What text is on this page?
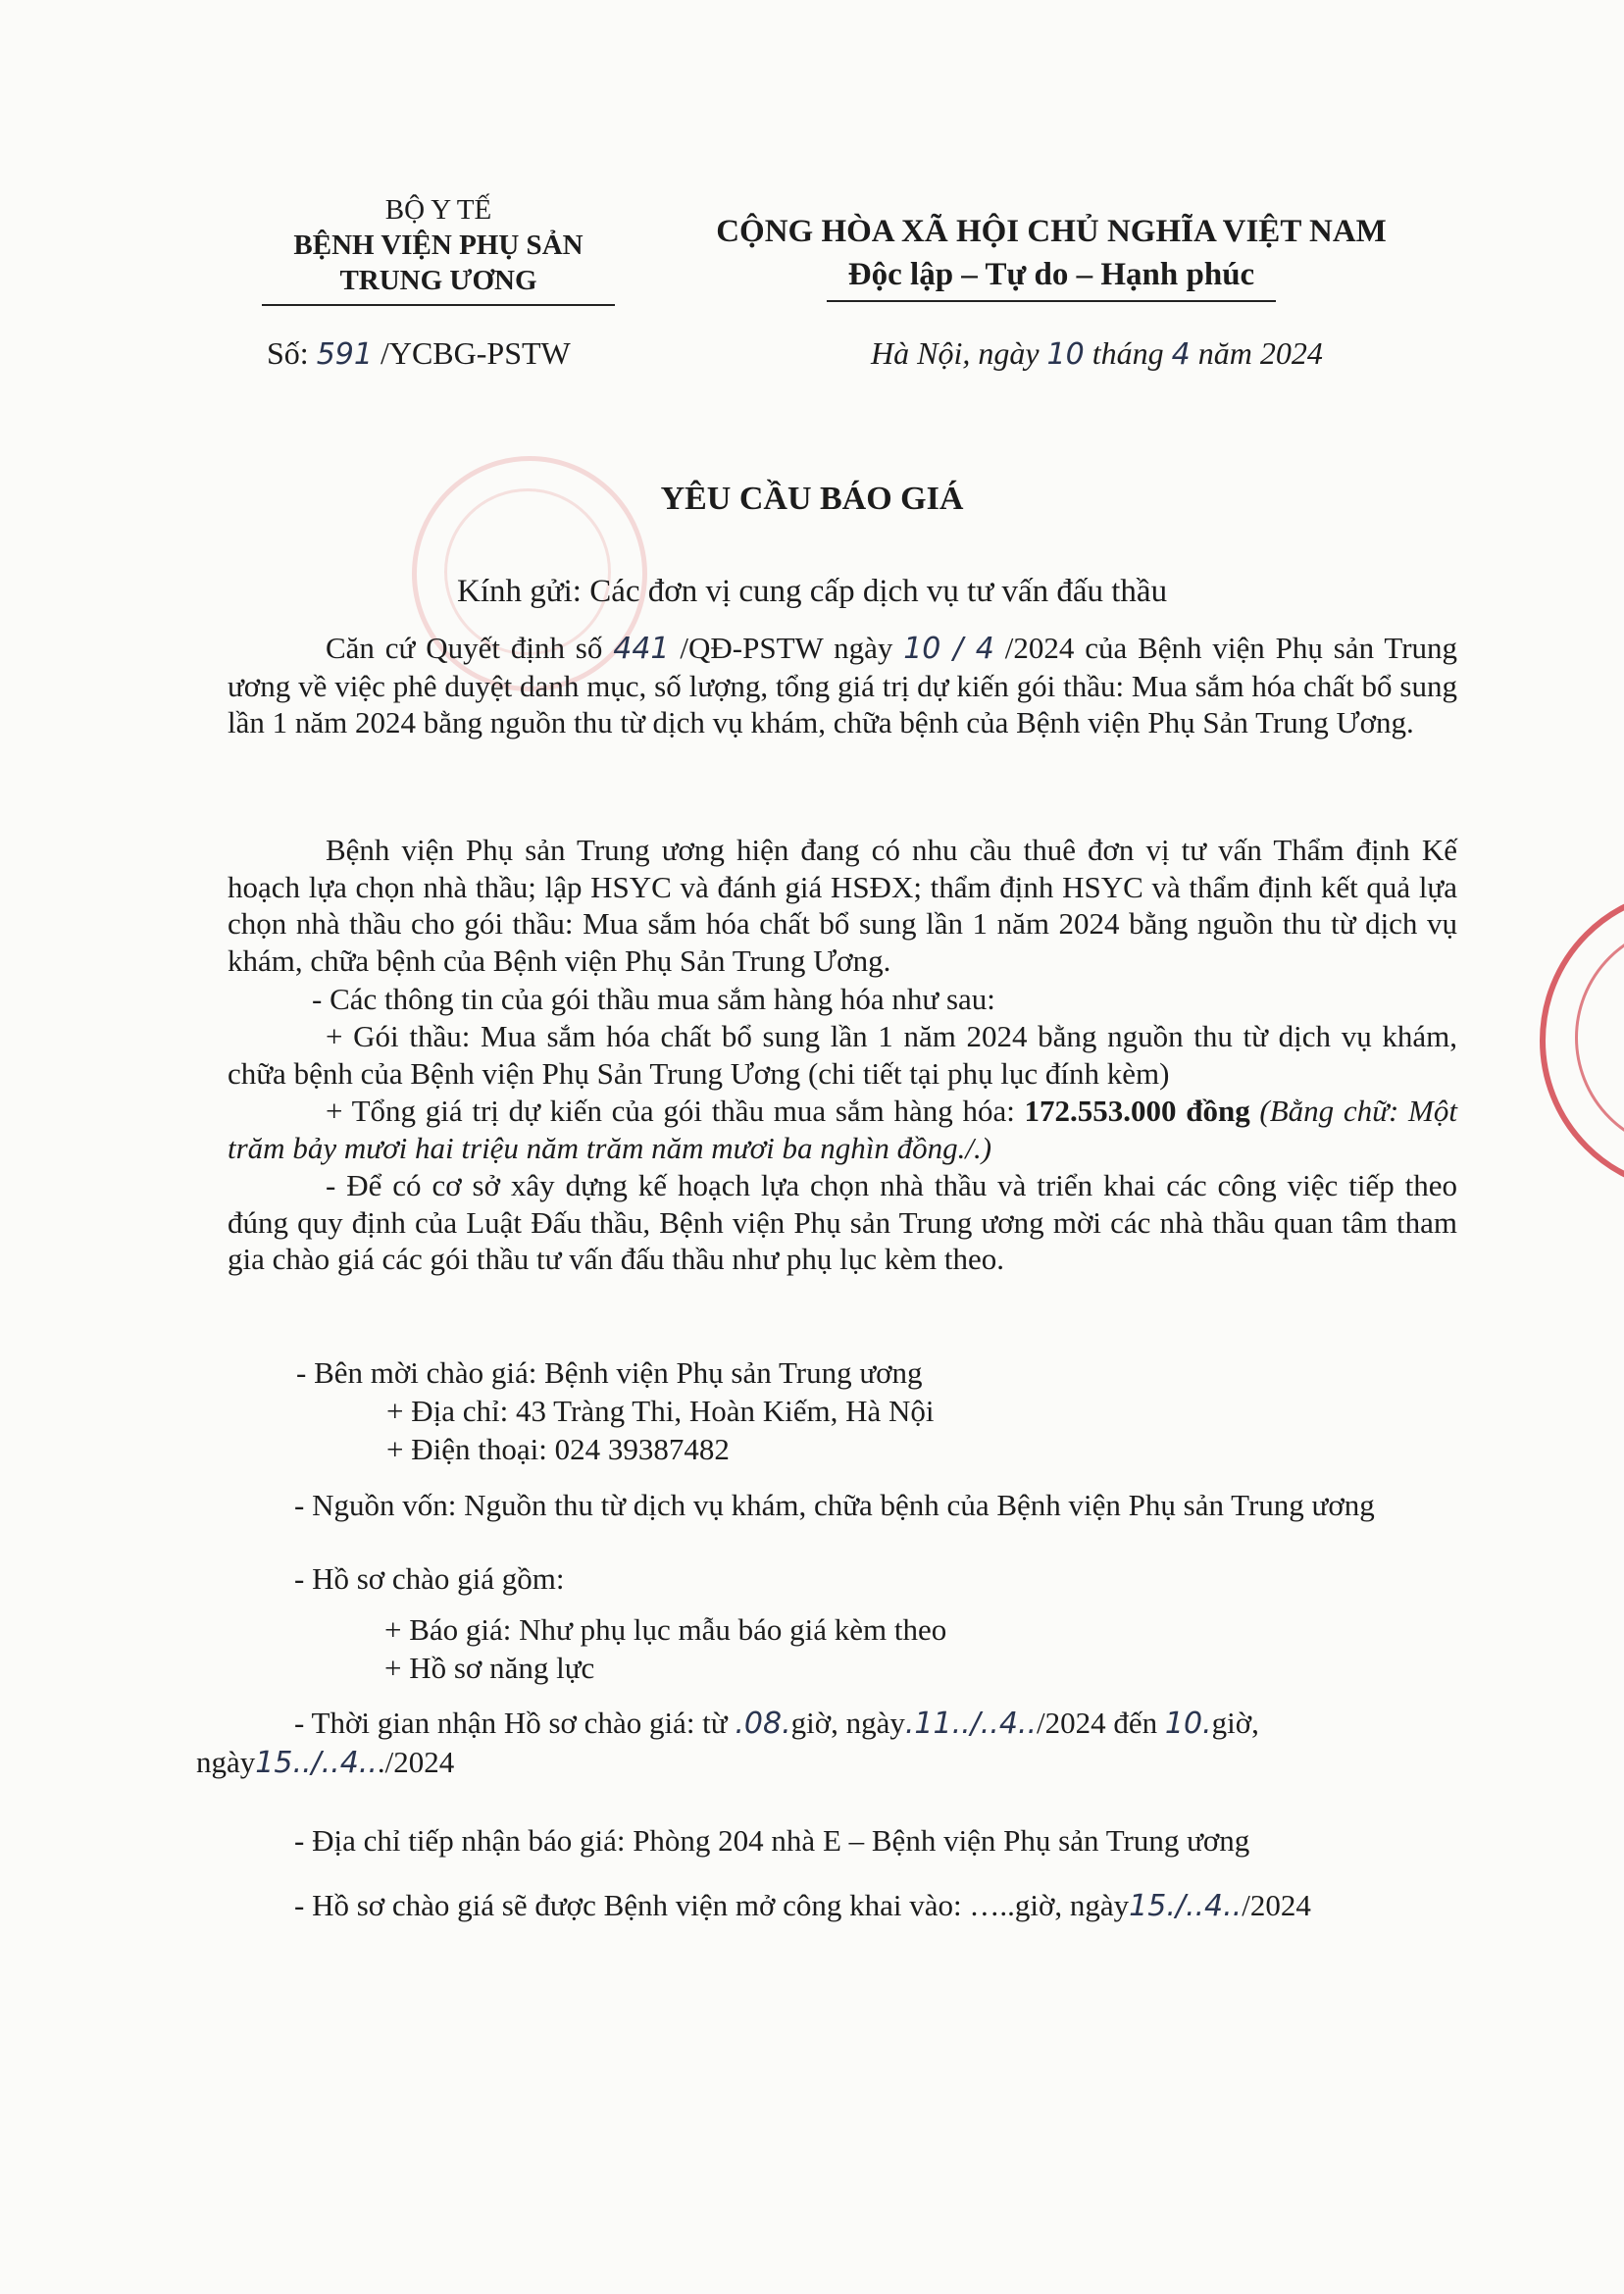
BỘ Y TẾ
BỆNH VIỆN PHỤ SẢN
TRUNG ƯƠNG
Số: 591 /YCBG-PSTW
CỘNG HÒA XÃ HỘI CHỦ NGHĨA VIỆT NAM
Độc lập – Tự do – Hạnh phúc
Hà Nội, ngày 10 tháng 4 năm 2024
YÊU CẦU BÁO GIÁ
Kính gửi: Các đơn vị cung cấp dịch vụ tư vấn đấu thầu
Căn cứ Quyết định số 441 /QĐ-PSTW ngày 10 / 4 /2024 của Bệnh viện Phụ sản Trung ương về việc phê duyệt danh mục, số lượng, tổng giá trị dự kiến gói thầu: Mua sắm hóa chất bổ sung lần 1 năm 2024 bằng nguồn thu từ dịch vụ khám, chữa bệnh của Bệnh viện Phụ Sản Trung Ương.
Bệnh viện Phụ sản Trung ương hiện đang có nhu cầu thuê đơn vị tư vấn Thẩm định Kế hoạch lựa chọn nhà thầu; lập HSYC và đánh giá HSĐX; thẩm định HSYC và thẩm định kết quả lựa chọn nhà thầu cho gói thầu: Mua sắm hóa chất bổ sung lần 1 năm 2024 bằng nguồn thu từ dịch vụ khám, chữa bệnh của Bệnh viện Phụ Sản Trung Ương.
- Các thông tin của gói thầu mua sắm hàng hóa như sau:
+ Gói thầu: Mua sắm hóa chất bổ sung lần 1 năm 2024 bằng nguồn thu từ dịch vụ khám, chữa bệnh của Bệnh viện Phụ Sản Trung Ương (chi tiết tại phụ lục đính kèm)
+ Tổng giá trị dự kiến của gói thầu mua sắm hàng hóa: 172.553.000 đồng (Bằng chữ: Một trăm bảy mươi hai triệu năm trăm năm mươi ba nghìn đồng./.)
- Để có cơ sở xây dựng kế hoạch lựa chọn nhà thầu và triển khai các công việc tiếp theo đúng quy định của Luật Đấu thầu, Bệnh viện Phụ sản Trung ương mời các nhà thầu quan tâm tham gia chào giá các gói thầu tư vấn đấu thầu như phụ lục kèm theo.
- Bên mời chào giá: Bệnh viện Phụ sản Trung ương
+ Địa chỉ: 43 Tràng Thi, Hoàn Kiếm, Hà Nội
+ Điện thoại: 024 39387482
- Nguồn vốn: Nguồn thu từ dịch vụ khám, chữa bệnh của Bệnh viện Phụ sản Trung ương
- Hồ sơ chào giá gồm:
+ Báo giá: Như phụ lục mẫu báo giá kèm theo
+ Hồ sơ năng lực
- Thời gian nhận Hồ sơ chào giá: từ .08.giờ, ngày.11../..4../2024 đến 10.giờ,
ngày15../..4.../2024
- Địa chỉ tiếp nhận báo giá: Phòng 204 nhà E – Bệnh viện Phụ sản Trung ương
- Hồ sơ chào giá sẽ được Bệnh viện mở công khai vào: …..giờ, ngày15./..4../2024
